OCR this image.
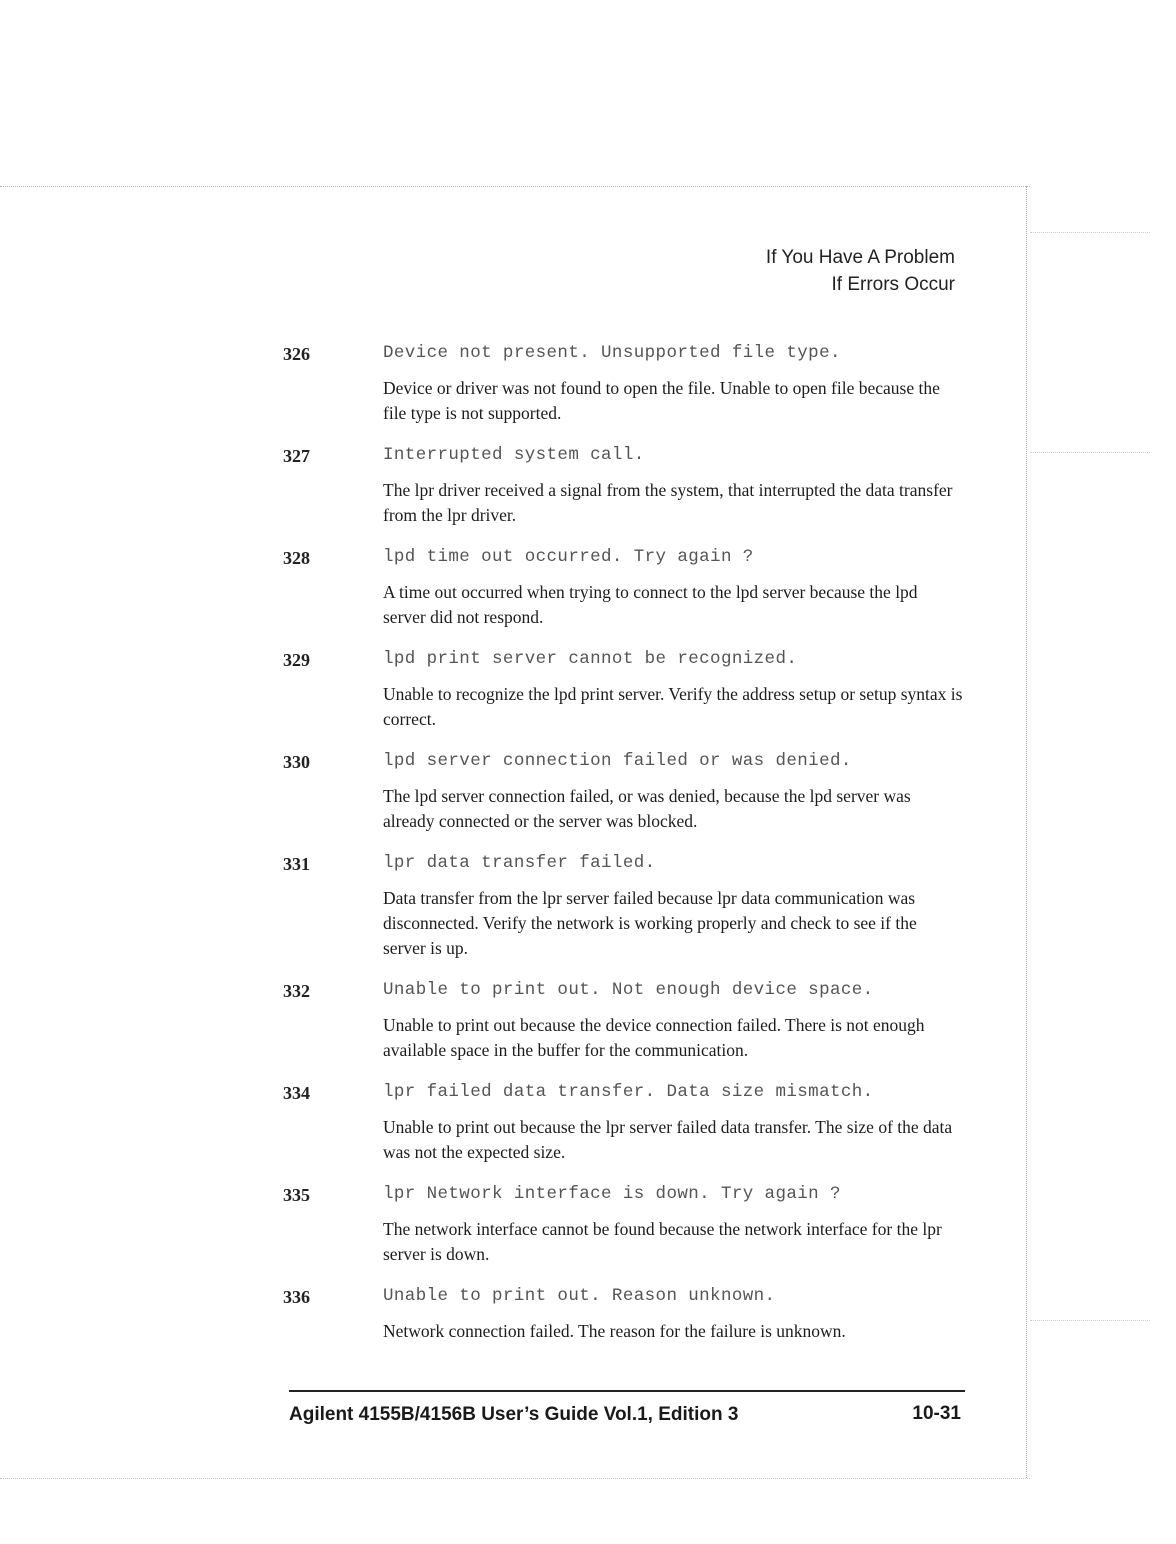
If You Have A Problem
If Errors Occur
326	Device not present. Unsupported file type.
Device or driver was not found to open the file. Unable to open file because the file type is not supported.
327	Interrupted system call.
The lpr driver received a signal from the system, that interrupted the data transfer from the lpr driver.
328	lpd time out occurred. Try again ?
A time out occurred when trying to connect to the lpd server because the lpd server did not respond.
329	lpd print server cannot be recognized.
Unable to recognize the lpd print server. Verify the address setup or setup syntax is correct.
330	lpd server connection failed or was denied.
The lpd server connection failed, or was denied, because the lpd server was already connected or the server was blocked.
331	lpr data transfer failed.
Data transfer from the lpr server failed because lpr data communication was disconnected. Verify the network is working properly and check to see if the server is up.
332	Unable to print out. Not enough device space.
Unable to print out because the device connection failed. There is not enough available space in the buffer for the communication.
334	lpr failed data transfer. Data size mismatch.
Unable to print out because the lpr server failed data transfer. The size of the data was not the expected size.
335	lpr Network interface is down. Try again ?
The network interface cannot be found because the network interface for the lpr server is down.
336	Unable to print out. Reason unknown.
Network connection failed. The reason for the failure is unknown.
Agilent 4155B/4156B User’s Guide Vol.1, Edition 3	10-31
